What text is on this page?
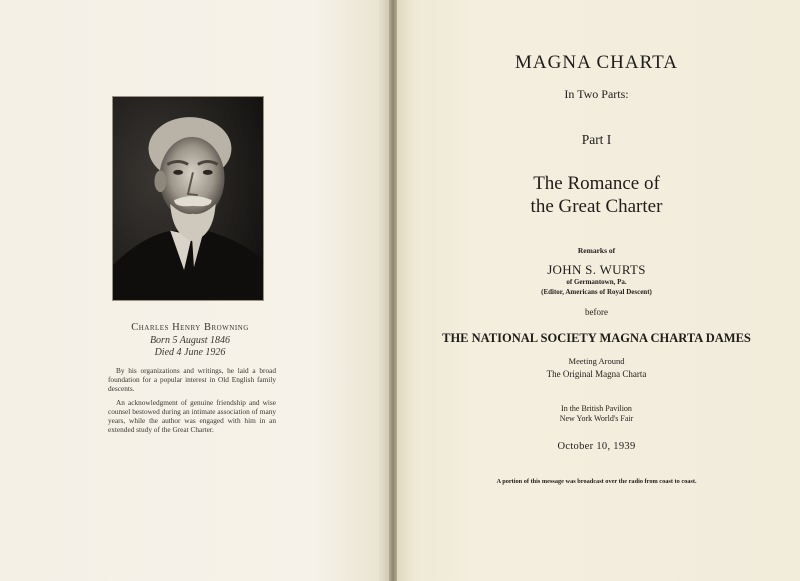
Charles Henry Browning
Born 5 August 1846
Died 4 June 1926
By his organizations and writings, he laid a broad foundation for a popular interest in Old English family descents.
An acknowledgment of genuine friendship and wise counsel bestowed during an intimate association of many years, while the author was engaged with him in an extended study of the Great Charter.
MAGNA CHARTA
In Two Parts:
Part I
The Romance of
the Great Charter
Remarks of
JOHN S. WURTS
of Germantown, Pa.
(Editor, Americans of Royal Descent)
before
THE NATIONAL SOCIETY MAGNA CHARTA DAMES
Meeting Around
The Original Magna Charta
In the British Pavilion
New York World's Fair
October 10, 1939
A portion of this message was broadcast over the radio from coast to coast.
